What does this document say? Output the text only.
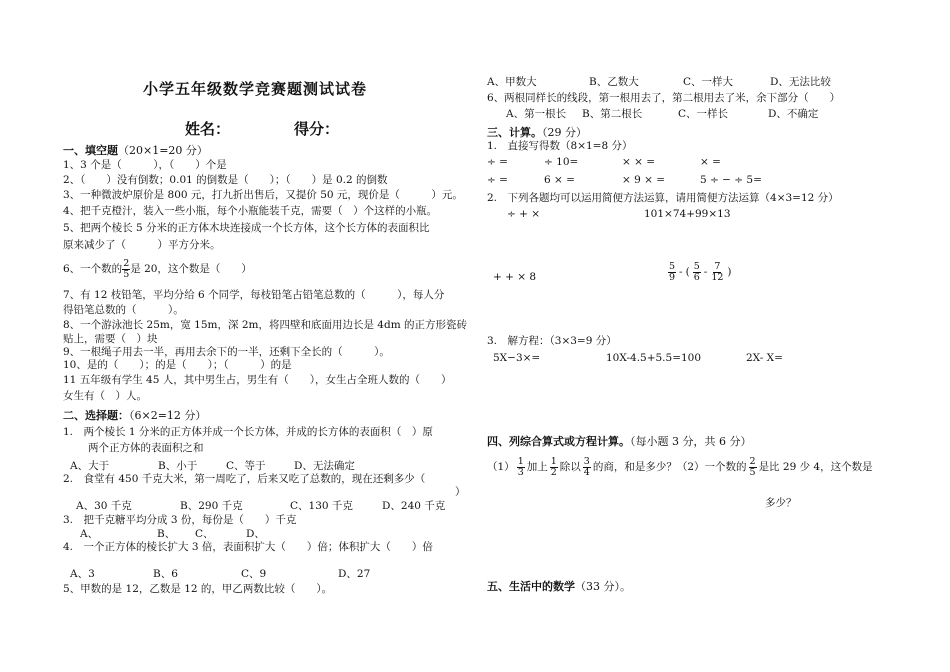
小学五年级数学竞赛题测试试卷
姓名：	得分：
一、填空题（20×1=20 分）
1、3 个是（　　　），（　　）个是
2、（　　）没有倒数；0.01 的倒数是（　　）；（　　）是 0.2 的倒数
3、一种微波炉原价是 800 元，打九折出售后，又提价 50 元，现价是（　　　）元。
4、把千克橙汁，装入一些小瓶，每个小瓶能装千克，需要（　）个这样的小瓶。
5、把两个棱长 5 分米的正方体木块连接成一个长方体，这个长方体的表面积比
原来减少了（　　　）平方分米。
6、一个数的 $\frac{2}{5}$ 是 20，这个数是（　　）
7、有 12 枝铅笔，平均分给 6 个同学，每枝铅笔占铅笔总数的（　　　），每人分
得铅笔总数的（　　　）。
8、一个游泳池长 25m，宽 15m，深 2m，将四壁和底面用边长是 4dm 的正方形瓷砖
贴上，需要（　）块
9、一根绳子用去一半，再用去余下的一半，还剩下全长的（　　　）。
10、是的（　　）；的是（　　）；（　　　）的是
11 五年级有学生 45 人，其中男生占，男生有（　　），女生占全班人数的（　　）
女生有（　）人。
二、选择题：（6×2=12 分）
1.　两个棱长 1 分米的正方体并成一个长方体，并成的长方体的表面积（　）原
两个正方体的表面积之和
A、大于	B、小于	C、等于	D、无法确定
2.　食堂有 450 千克大米，第一周吃了，后来又吃了总数的，现在还剩多少（
）
A、30 千克	B、290 千克	C、130 千克	D、240 千克
3.　把千克糖平均分成 3 份，每份是（　　）千克
A、	B、 C、	D、
4.　一个正方体的棱长扩大 3 倍，表面积扩大（　　）倍；体积扩大（　　）倍
A、3	B、6	C、9	D、27
5、甲数的是 12，乙数是 12 的，甲乙两数比较（　　）。
A、甲数大	B、乙数大	C、一样大	D、无法比较
6、两根同样长的线段，第一根用去了，第二根用去了米，余下部分（　　）
A、第一根长 B、第二根长	C、一样长	D、不确定
三、计算。（29 分）
1.　直接写得数（8×1=8 分）
÷ =	÷ 10=	× × =	× =
÷ =	6 × =	× 9 × =	5 ÷ − ÷ 5=
2.　下列各题均可以运用简便方法运算，请用简便方法运算（4×3=12 分）
÷ + ×	101×74+99×13
+ + × 8	$\frac{5}{9}$ - ( $\frac{5}{6} - \frac{7}{12}$ )
3.　解方程：（3×3=9 分）
5X−3×=	10X-4.5+5.5=100	2X- X=
四、列综合算式或方程计算。（每小题 3 分，共 6 分）
$(1) \frac{1}{3}$ 加上 $\frac{1}{2}$ 除以 $\frac{3}{4}$ 的商，和是多少？（2）一个数的 $\frac{2}{5}$ 是比 29 少 4，这个数是
多少？
五、生活中的数学（33 分）。
